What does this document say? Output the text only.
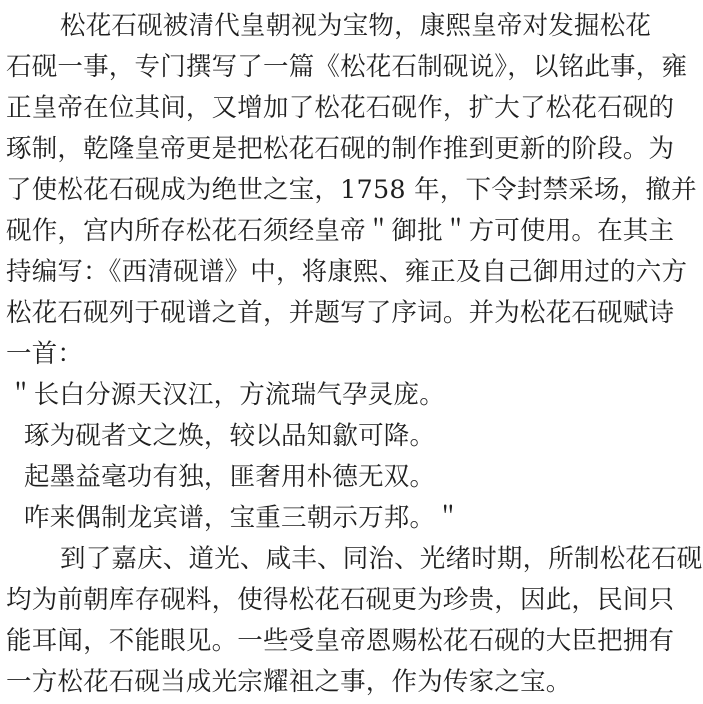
松花石砚被清代皇朝视为宝物，康熙皇帝对发掘松花
石砚一事，专门撰写了一篇《松花石制砚说》，以铭此事，雍
正皇帝在位其间，又增加了松花石砚作，扩大了松花石砚的
琢制，乾隆皇帝更是把松花石砚的制作推到更新的阶段。为
了使松花石砚成为绝世之宝，1758 年，下令封禁采场，撤并
砚作，宫内所存松花石须经皇帝＂御批＂方可使用。在其主
持编写：《西清砚谱》中，将康熙、雍正及自己御用过的六方
松花石砚列于砚谱之首，并题写了序词。并为松花石砚赋诗
一首：
＂长白分源天汉江，方流瑞气孕灵庞。
琢为砚者文之焕，较以品知歙可降。
起墨益毫功有独，匪奢用朴德无双。
咋来偶制龙宾谱，宝重三朝示万邦。＂
到了嘉庆、道光、咸丰、同治、光绪时期，所制松花石砚
均为前朝库存砚料，使得松花石砚更为珍贵，因此，民间只
能耳闻，不能眼见。一些受皇帝恩赐松花石砚的大臣把拥有
一方松花石砚当成光宗耀祖之事，作为传家之宝。
